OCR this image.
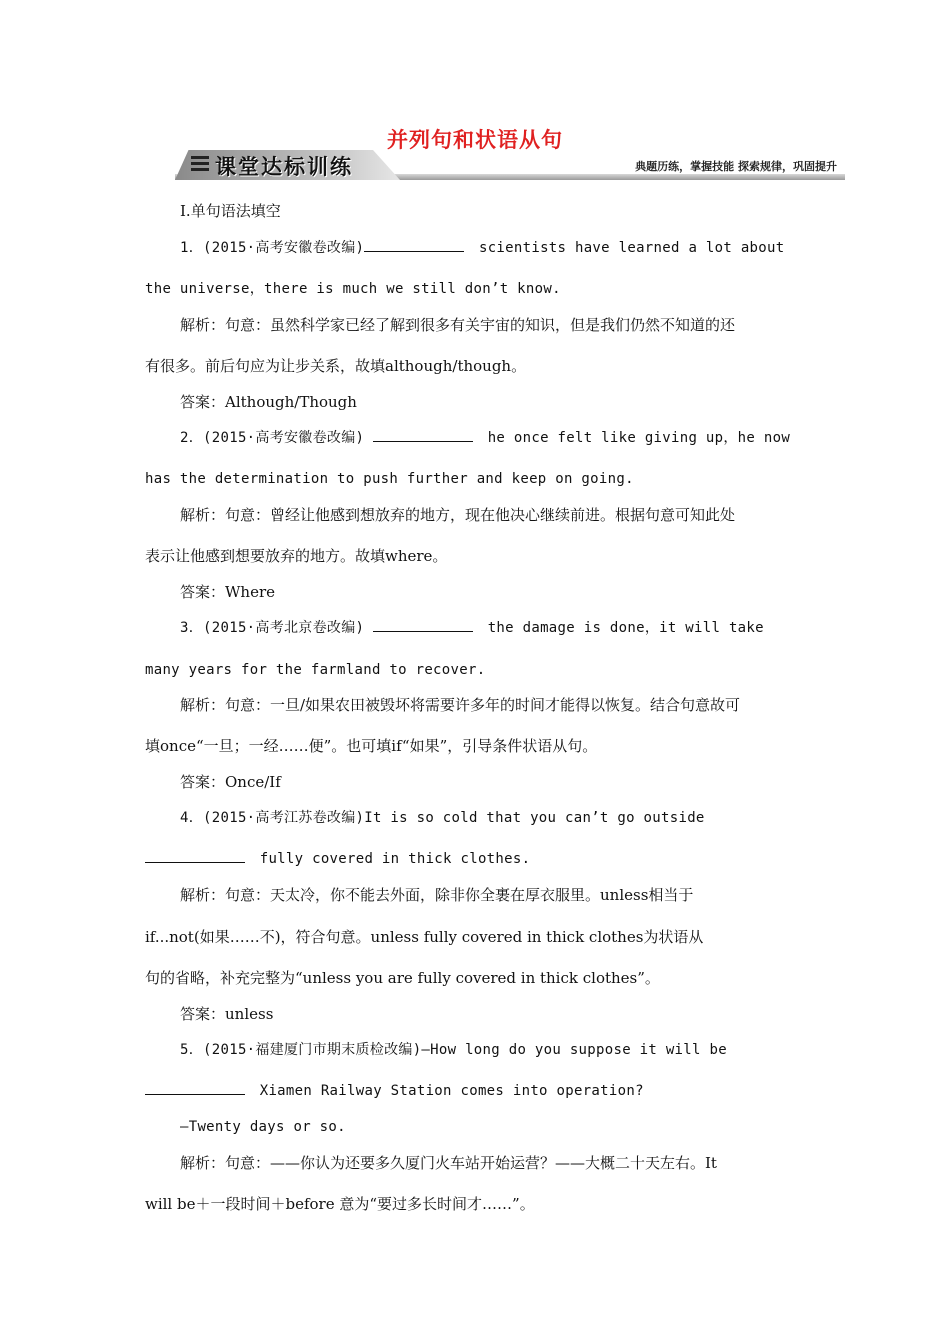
并列句和状语从句
课堂达标训练	典题历练，掌握技能 探索规律，巩固提升
Ⅰ.单句语法填空
1．(2015·高考安徽卷改编)	scientists have learned a lot about
the universe，there is much we still don’t know.
解析：句意：虽然科学家已经了解到很多有关宇宙的知识，但是我们仍然不知道的还
有很多。前后句应为让步关系，故填although/though。
答案：Although/Though
2．(2015·高考安徽卷改编)	he once felt like giving up，he now
has the determination to push further and keep on going.
解析：句意：曾经让他感到想放弃的地方，现在他决心继续前进。根据句意可知此处
表示让他感到想要放弃的地方。故填where。
答案：Where
3．(2015·高考北京卷改编)	the damage is done，it will take
many years for the farmland to recover.
解析：句意：一旦/如果农田被毁坏将需要许多年的时间才能得以恢复。结合句意故可
填once“一旦；一经……便”。也可填if“如果”，引导条件状语从句。
答案：Once/If
4．(2015·高考江苏卷改编)It is so cold that you can’t go outside
fully covered in thick clothes.
解析：句意：天太冷，你不能去外面，除非你全裹在厚衣服里。unless相当于
if...not(如果……不)，符合句意。unless fully covered in thick clothes为状语从
句的省略，补充完整为“unless you are fully covered in thick clothes”。
答案：unless
5．(2015·福建厦门市期末质检改编)—How long do you suppose it will be
Xiamen Railway Station comes into operation?
—Twenty days or so.
解析：句意：——你认为还要多久厦门火车站开始运营？——大概二十天左右。It
will be＋一段时间＋before 意为“要过多长时间才……”。
